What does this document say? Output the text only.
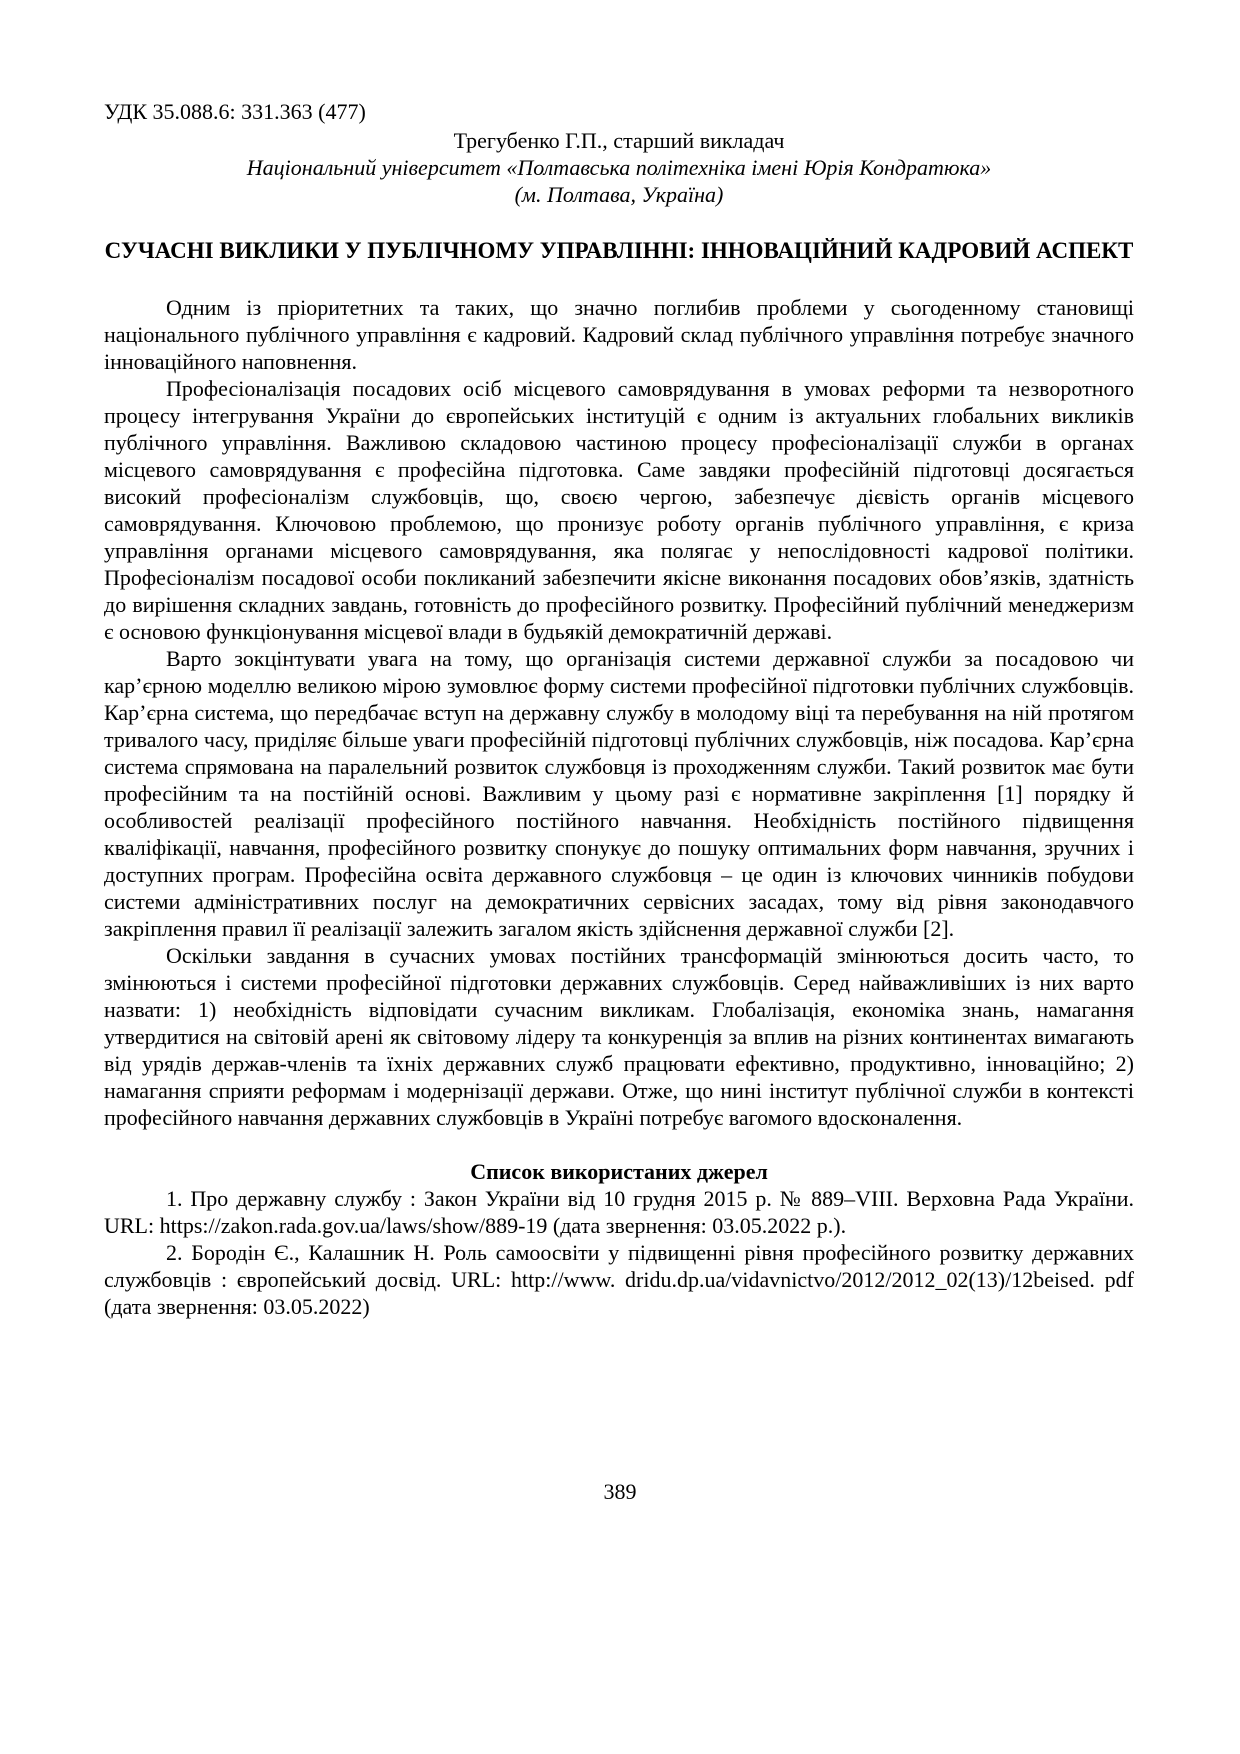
УДК 35.088.6: 331.363 (477)
Трегубенко Г.П., старший викладач
Національний університет «Полтавська політехніка імені Юрія Кондратюка»
(м. Полтава, Україна)
СУЧАСНІ ВИКЛИКИ У ПУБЛІЧНОМУ УПРАВЛІННІ: ІННОВАЦІЙНИЙ КАДРОВИЙ АСПЕКТ

Одним із пріоритетних та таких, що значно поглибив проблеми у сьогоденному становищі національного публічного управління є кадровий. Кадровий склад публічного управління потребує значного інноваційного наповнення.

Професіоналізація посадових осіб місцевого самоврядування в умовах реформи та незворотного процесу інтегрування України до європейських інституцій є одним із актуальних глобальних викликів публічного управління. Важливою складовою частиною процесу професіоналізації служби в органах місцевого самоврядування є професійна підготовка. Саме завдяки професійній підготовці досягається високий професіоналізм службовців, що, своєю чергою, забезпечує дієвість органів місцевого самоврядування. Ключовою проблемою, що пронизує роботу органів публічного управління, є криза управління органами місцевого самоврядування, яка полягає у непослідовності кадрової політики. Професіоналізм посадової особи покликаний забезпечити якісне виконання посадових обов’язків, здатність до вирішення складних завдань, готовність до професійного розвитку. Професійний публічний менеджеризм є основою функціонування місцевої влади в будьякій демократичній державі.

Варто зокцінтувати увага на тому, що організація системи державної служби за посадовою чи кар’єрною моделлю великою мірою зумовлює форму системи професійної підготовки публічних службовців. Кар’єрна система, що передбачає вступ на державну службу в молодому віці та перебування на ній протягом тривалого часу, приділяє більше уваги професійній підготовці публічних службовців, ніж посадова. Кар’єрна система спрямована на паралельний розвиток службовця із проходженням служби. Такий розвиток має бути професійним та на постійній основі. Важливим у цьому разі є нормативне закріплення [1] порядку й особливостей реалізації професійного постійного навчання. Необхідність постійного підвищення кваліфікації, навчання, професійного розвитку спонукує до пошуку оптимальних форм навчання, зручних і доступних програм. Професійна освіта державного службовця – це один із ключових чинників побудови системи адміністративних послуг на демократичних сервісних засадах, тому від рівня законодавчого закріплення правил її реалізації залежить загалом якість здійснення державної служби [2].

Оскільки завдання в сучасних умовах постійних трансформацій змінюються досить часто, то змінюються і системи професійної підготовки державних службовців. Серед найважливіших із них варто назвати: 1) необхідність відповідати сучасним викликам. Глобалізація, економіка знань, намагання утвердитися на світовій арені як світовому лідеру та конкуренція за вплив на різних континентах вимагають від урядів держав-членів та їхніх державних служб працювати ефективно, продуктивно, інноваційно; 2) намагання сприяти реформам і модернізації держави. Отже, що нині інститут публічної служби в контексті професійного навчання державних службовців в Україні потребує вагомого вдосконалення.

Список використаних джерел

1. Про державну службу : Закон України від 10 грудня 2015 р. № 889–VIII. Верховна Рада України. URL: https://zakon.rada.gov.ua/laws/show/889-19 (дата звернення: 03.05.2022 р.).

2. Бородін Є., Калашник Н. Роль самоосвіти у підвищенні рівня професійного розвитку державних службовців : європейський досвід. URL: http://www. dridu.dp.ua/vidavnictvo/2012/2012_02(13)/12beised. pdf (дата звернення: 03.05.2022)

389
